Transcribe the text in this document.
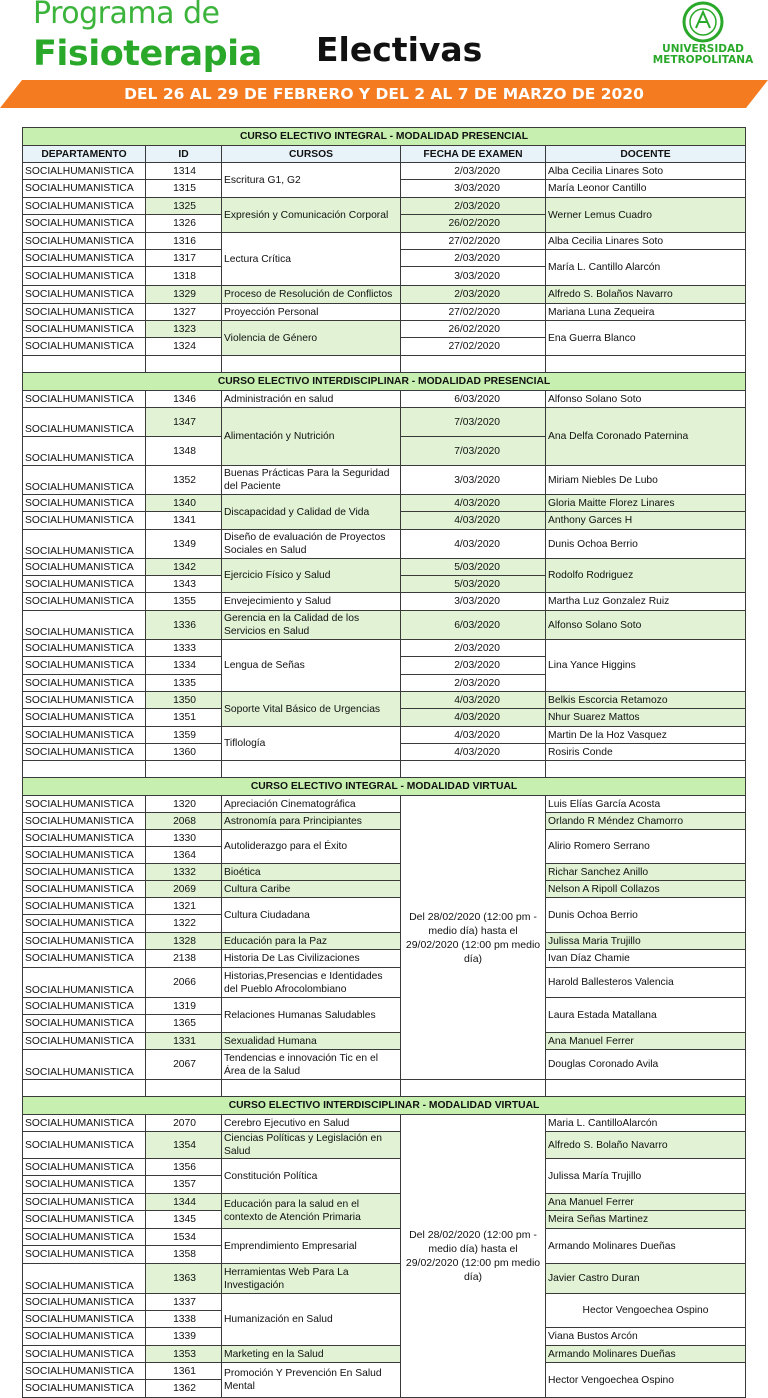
Programa de
Fisioterapia Electivas	UNIVERSIDAD
METROPOLITANA
DEL 26 AL 29 DE FEBRERO Y DEL 2 AL 7 DE MARZO DE 2020
CURSO ELECTIVO INTEGRAL - MODALIDAD PRESENCIAL				
DEPARTAMENTO	ID	CURSOS	FECHA DE EXAMEN	DOCENTE
SOCIALHUMANISTICA	1314	Escritura G1, G2	2/03/2020	Alba Cecilia Linares Soto
SOCIALHUMANISTICA	1315		3/03/2020	María Leonor Cantillo
SOCIALHUMANISTICA	1325	Expresión y Comunicación Corporal	2/03/2020	Werner Lemus Cuadro
SOCIALHUMANISTICA	1326		26/02/2020	
SOCIALHUMANISTICA	1316	Lectura Crítica	27/02/2020	Alba Cecilia Linares Soto
SOCIALHUMANISTICA	1317		2/03/2020	María L. Cantillo Alarcón
SOCIALHUMANISTICA	1318		3/03/2020	
SOCIALHUMANISTICA	1329	Proceso de Resolución de Conflictos	2/03/2020	Alfredo S. Bolaños Navarro
SOCIALHUMANISTICA	1327	Proyección Personal	27/02/2020	Mariana Luna Zequeira
SOCIALHUMANISTICA	1323	Violencia de Género	26/02/2020	Ena Guerra Blanco
SOCIALHUMANISTICA	1324		27/02/2020	

CURSO ELECTIVO INTERDISCIPLINAR - MODALIDAD PRESENCIAL				
SOCIALHUMANISTICA	1346	Administración en salud	6/03/2020	Alfonso Solano Soto
SOCIALHUMANISTICA	1347	Alimentación y Nutrición	7/03/2020	Ana Delfa Coronado Paternina
SOCIALHUMANISTICA	1348		7/03/2020	
SOCIALHUMANISTICA	1352	Buenas Prácticas Para la Seguridad del Paciente	3/03/2020	Miriam Niebles De Lubo
SOCIALHUMANISTICA	1340	Discapacidad y Calidad de Vida	4/03/2020	Gloria Maitte Florez Linares
SOCIALHUMANISTICA	1341		4/03/2020	Anthony Garces H
SOCIALHUMANISTICA	1349	Diseño de evaluación de Proyectos Sociales en Salud	4/03/2020	Dunis Ochoa Berrio
SOCIALHUMANISTICA	1342	Ejercicio Físico y Salud	5/03/2020	Rodolfo Rodriguez
SOCIALHUMANISTICA	1343		5/03/2020	
SOCIALHUMANISTICA	1355	Envejecimiento y Salud	3/03/2020	Martha Luz Gonzalez Ruiz
SOCIALHUMANISTICA	1336	Gerencia en la Calidad de los Servicios en Salud	6/03/2020	Alfonso Solano Soto
SOCIALHUMANISTICA	1333	Lengua de Señas	2/03/2020	Lina Yance Higgins
SOCIALHUMANISTICA	1334		2/03/2020	
SOCIALHUMANISTICA	1335		2/03/2020	
SOCIALHUMANISTICA	1350	Soporte Vital Básico de Urgencias	4/03/2020	Belkis Escorcia Retamozo
SOCIALHUMANISTICA	1351		4/03/2020	Nhur Suarez Mattos
SOCIALHUMANISTICA	1359	Tiflología	4/03/2020	Martin De la Hoz Vasquez
SOCIALHUMANISTICA	1360		4/03/2020	Rosiris Conde

CURSO ELECTIVO INTEGRAL - MODALIDAD VIRTUAL				
SOCIALHUMANISTICA	1320	Apreciación Cinematográfica	Del 28/02/2020 (12:00 pm - medio día) hasta el 29/02/2020 (12:00 pm medio día)	Luis Elías García Acosta
SOCIALHUMANISTICA	2068	Astronomía para Principiantes		Orlando R Méndez Chamorro
SOCIALHUMANISTICA	1330	Autoliderazgo para el Éxito		Alirio Romero Serrano
SOCIALHUMANISTICA	1364			
SOCIALHUMANISTICA	1332	Bioética		Richar Sanchez Anillo
SOCIALHUMANISTICA	2069	Cultura Caribe		Nelson A Ripoll Collazos
SOCIALHUMANISTICA	1321	Cultura Ciudadana		Dunis Ochoa Berrio
SOCIALHUMANISTICA	1322			
SOCIALHUMANISTICA	1328	Educación para la Paz		Julissa Maria Trujillo
SOCIALHUMANISTICA	2138	Historia De Las Civilizaciones		Ivan Díaz Chamie
SOCIALHUMANISTICA	2066	Historias,Presencias e Identidades del Pueblo Afrocolombiano		Harold Ballesteros Valencia
SOCIALHUMANISTICA	1319	Relaciones Humanas Saludables		Laura Estada Matallana
SOCIALHUMANISTICA	1365			
SOCIALHUMANISTICA	1331	Sexualidad Humana		Ana Manuel Ferrer
SOCIALHUMANISTICA	2067	Tendencias e innovación Tic en el Área de la Salud		Douglas Coronado Avila

CURSO ELECTIVO INTERDISCIPLINAR - MODALIDAD VIRTUAL				
SOCIALHUMANISTICA	2070	Cerebro Ejecutivo en Salud	Del 28/02/2020 (12:00 pm - medio día) hasta el 29/02/2020 (12:00 pm medio día)	Maria L. CantilloAlarcón
SOCIALHUMANISTICA	1354	Ciencias Políticas y Legislación en Salud		Alfredo S. Bolaño Navarro
SOCIALHUMANISTICA	1356	Constitución Política		Julissa María Trujillo
SOCIALHUMANISTICA	1357			
SOCIALHUMANISTICA	1344	Educación para la salud en el contexto de Atención Primaria		Ana Manuel Ferrer
SOCIALHUMANISTICA	1345			Meira Señas Martinez
SOCIALHUMANISTICA	1534	Emprendimiento Empresarial		Armando Molinares Dueñas
SOCIALHUMANISTICA	1358			
SOCIALHUMANISTICA	1363	Herramientas Web Para La Investigación		Javier Castro Duran
SOCIALHUMANISTICA	1337	Humanización en Salud		Hector Vengoechea Ospino
SOCIALHUMANISTICA	1338			
SOCIALHUMANISTICA	1339			Viana Bustos Arcón
SOCIALHUMANISTICA	1353	Marketing en la Salud		Armando Molinares Dueñas
SOCIALHUMANISTICA	1361	Promoción Y Prevención En Salud Mental		Hector Vengoechea Ospino
SOCIALHUMANISTICA	1362			
